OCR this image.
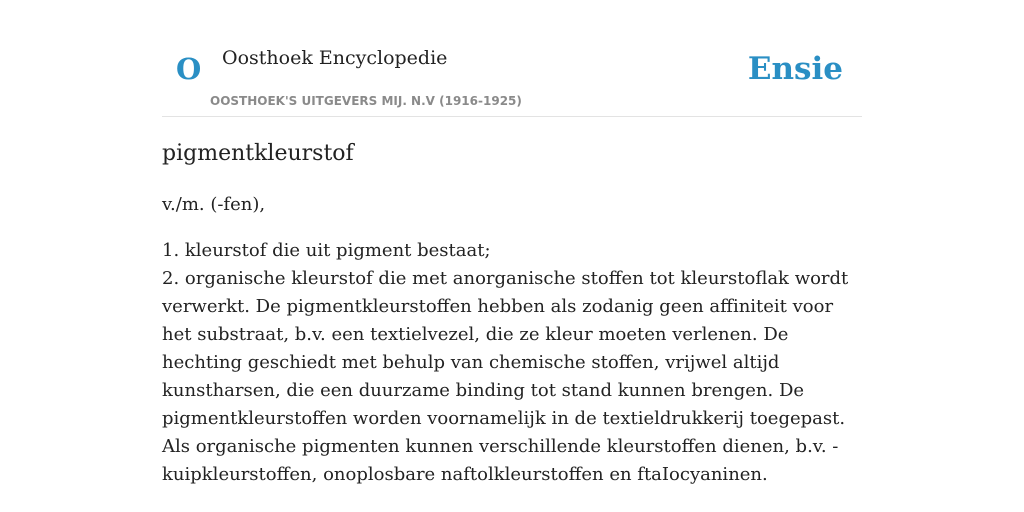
O Oosthoek Encyclopedie
OOSTHOEK'S UITGEVERS MIJ. N.V (1916-1925)
Ensie
pigmentkleurstof

v./m. (-fen),

1. kleurstof die uit pigment bestaat;
2. organische kleurstof die met anorganische stoffen tot kleurstoflak wordt verwerkt. De pigmentkleurstoffen hebben als zodanig geen affiniteit voor het substraat, b.v. een textielvezel, die ze kleur moeten verlenen. De hechting geschiedt met behulp van chemische stoffen, vrijwel altijd kunstharsen, die een duurzame binding tot stand kunnen brengen. De pigmentkleurstoffen worden voornamelijk in de textieldrukkerij toegepast. Als organische pigmenten kunnen verschillende kleurstoffen dienen, b.v. -kuipkleurstoffen, onoplosbare naftolkleurstoffen en ftaIocyaninen.
